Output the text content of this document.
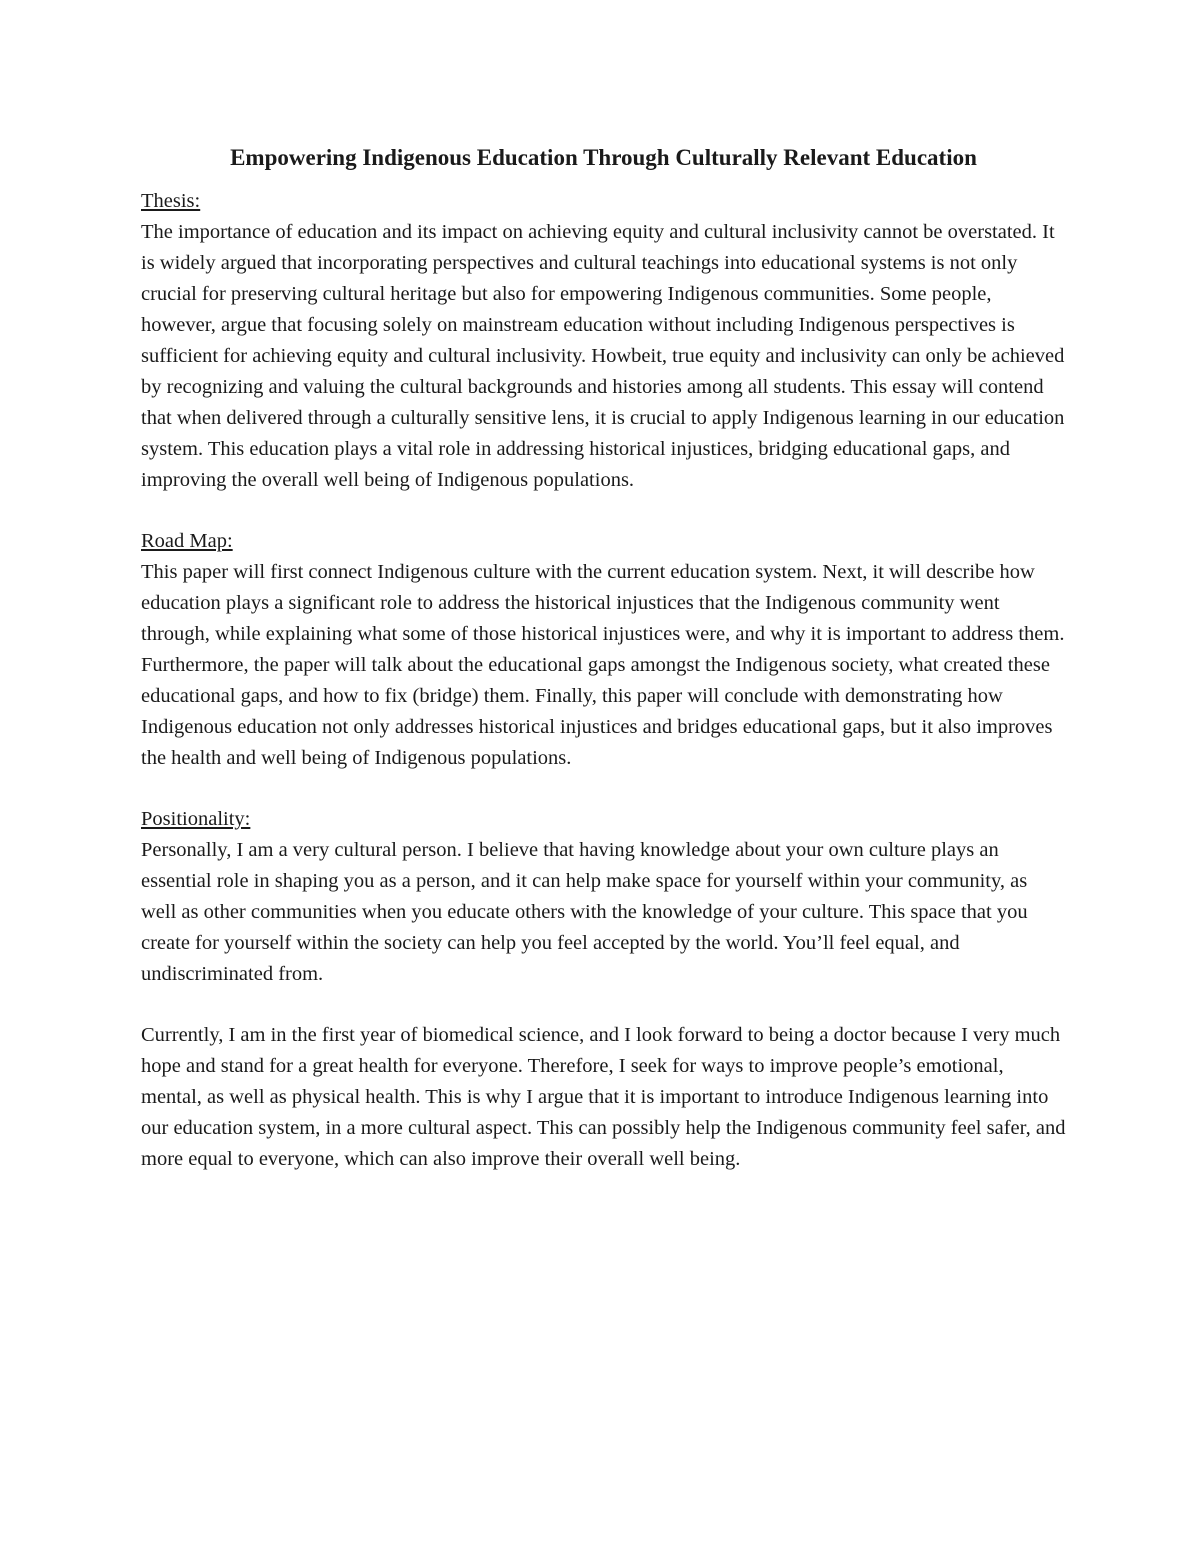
Empowering Indigenous Education Through Culturally Relevant Education
Thesis:

The importance of education and its impact on achieving equity and cultural inclusivity cannot be overstated. It is widely argued that incorporating perspectives and cultural teachings into educational systems is not only crucial for preserving cultural heritage but also for empowering Indigenous communities. Some people, however, argue that focusing solely on mainstream education without including Indigenous perspectives is sufficient for achieving equity and cultural inclusivity. Howbeit, true equity and inclusivity can only be achieved by recognizing and valuing the cultural backgrounds and histories among all students. This essay will contend that when delivered through a culturally sensitive lens, it is crucial to apply Indigenous learning in our education system. This education plays a vital role in addressing historical injustices, bridging educational gaps, and improving the overall well being of Indigenous populations.

Road Map:

This paper will first connect Indigenous culture with the current education system. Next, it will describe how education plays a significant role to address the historical injustices that the Indigenous community went through, while explaining what some of those historical injustices were, and why it is important to address them. Furthermore, the paper will talk about the educational gaps amongst the Indigenous society, what created these educational gaps, and how to fix (bridge) them. Finally, this paper will conclude with demonstrating how Indigenous education not only addresses historical injustices and bridges educational gaps, but it also improves the health and well being of Indigenous populations.

Positionality:

Personally, I am a very cultural person. I believe that having knowledge about your own culture plays an essential role in shaping you as a person, and it can help make space for yourself within your community, as well as other communities when you educate others with the knowledge of your culture. This space that you create for yourself within the society can help you feel accepted by the world. You’ll feel equal, and undiscriminated from.

Currently, I am in the first year of biomedical science, and I look forward to being a doctor because I very much hope and stand for a great health for everyone. Therefore, I seek for ways to improve people’s emotional, mental, as well as physical health. This is why I argue that it is important to introduce Indigenous learning into our education system, in a more cultural aspect. This can possibly help the Indigenous community feel safer, and more equal to everyone, which can also improve their overall well being.
